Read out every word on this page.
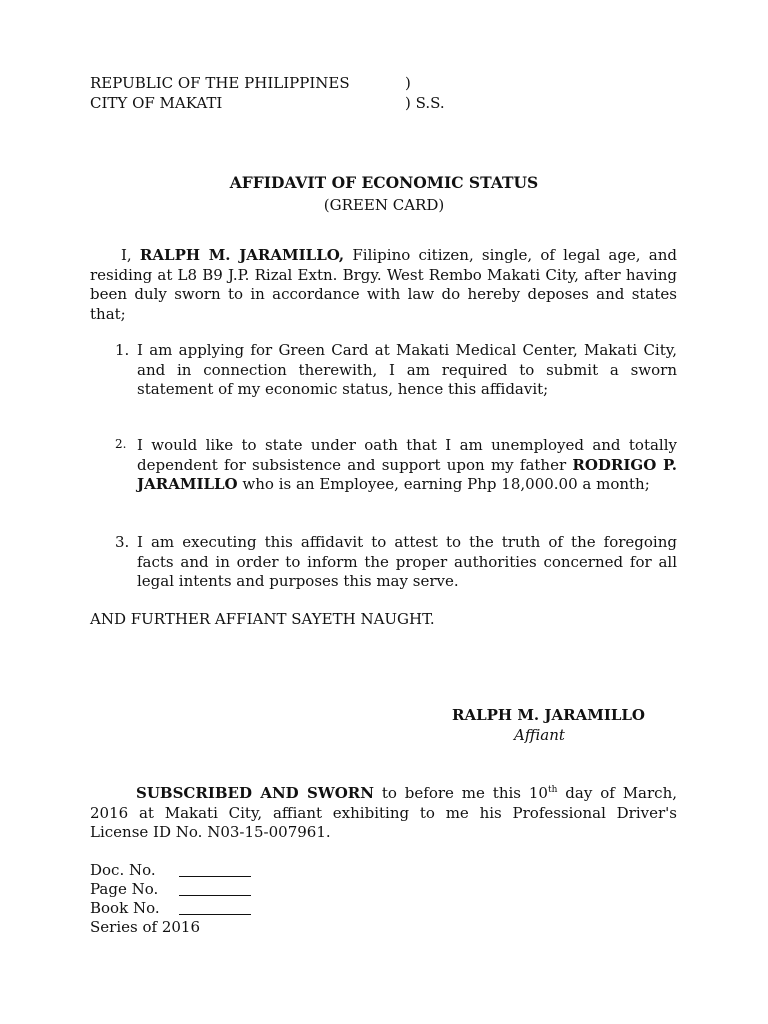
REPUBLIC OF THE PHILIPPINES	)
CITY OF MAKATI	) S.S.
AFFIDAVIT OF ECONOMIC STATUS
(GREEN CARD)
I, RALPH M. JARAMILLO, Filipino citizen, single, of legal age, and residing at L8 B9 J.P. Rizal Extn. Brgy. West Rembo Makati City, after having been duly sworn to in accordance with law do hereby deposes and states that;
1. I am applying for Green Card at Makati Medical Center, Makati City, and in connection therewith, I am required to submit a sworn statement of my economic status, hence this affidavit;
2. I would like to state under oath that I am unemployed and totally dependent for subsistence and support upon my father RODRIGO P. JARAMILLO who is an Employee, earning Php 18,000.00 a month;
3. I am executing this affidavit to attest to the truth of the foregoing facts and in order to inform the proper authorities concerned for all legal intents and purposes this may serve.
AND FURTHER AFFIANT SAYETH NAUGHT.
RALPH M. JARAMILLO
Affiant
SUBSCRIBED AND SWORN to before me this 10th day of March, 2016 at Makati City, affiant exhibiting to me his Professional Driver's License ID No. N03-15-007961.
Doc. No.
Page No.
Book No.
Series of 2016
